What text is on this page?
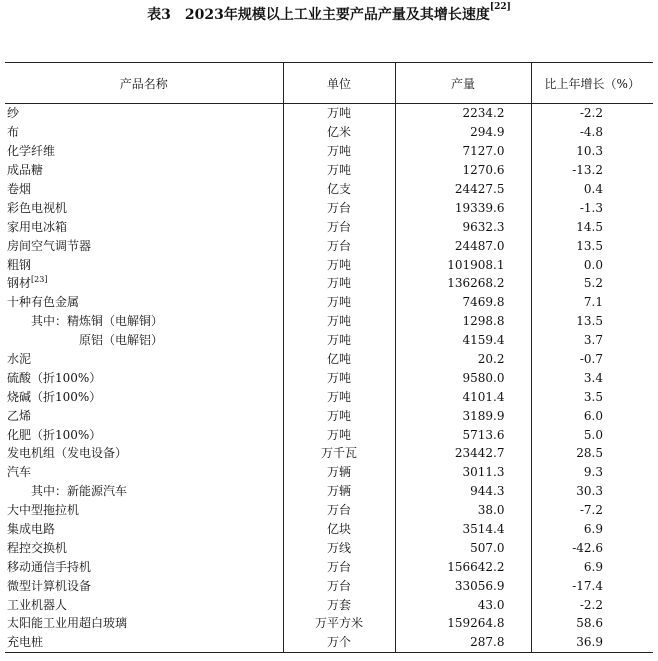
表3　2023年规模以上工业主要产品产量及其增长速度[22]
产品名称	单位	产量	比上年增长（%）
纱	万吨	2234.2	-2.2
布	亿米	294.9	-4.8
化学纤维	万吨	7127.0	10.3
成品糖	万吨	1270.6	-13.2
卷烟	亿支	24427.5	0.4
彩色电视机	万台	19339.6	-1.3
家用电冰箱	万台	9632.3	14.5
房间空气调节器	万台	24487.0	13.5
粗钢	万吨	101908.1	0.0
钢材[23]	万吨	136268.2	5.2
十种有色金属	万吨	7469.8	7.1
其中：精炼铜（电解铜）	万吨	1298.8	13.5
原铝（电解铝）	万吨	4159.4	3.7
水泥	亿吨	20.2	-0.7
硫酸（折100%）	万吨	9580.0	3.4
烧碱（折100%）	万吨	4101.4	3.5
乙烯	万吨	3189.9	6.0
化肥（折100%）	万吨	5713.6	5.0
发电机组（发电设备）	万千瓦	23442.7	28.5
汽车	万辆	3011.3	9.3
其中：新能源汽车	万辆	944.3	30.3
大中型拖拉机	万台	38.0	-7.2
集成电路	亿块	3514.4	6.9
程控交换机	万线	507.0	-42.6
移动通信手持机	万台	156642.2	6.9
微型计算机设备	万台	33056.9	-17.4
工业机器人	万套	43.0	-2.2
太阳能工业用超白玻璃	万平方米	159264.8	58.6
充电桩	万个	287.8	36.9
